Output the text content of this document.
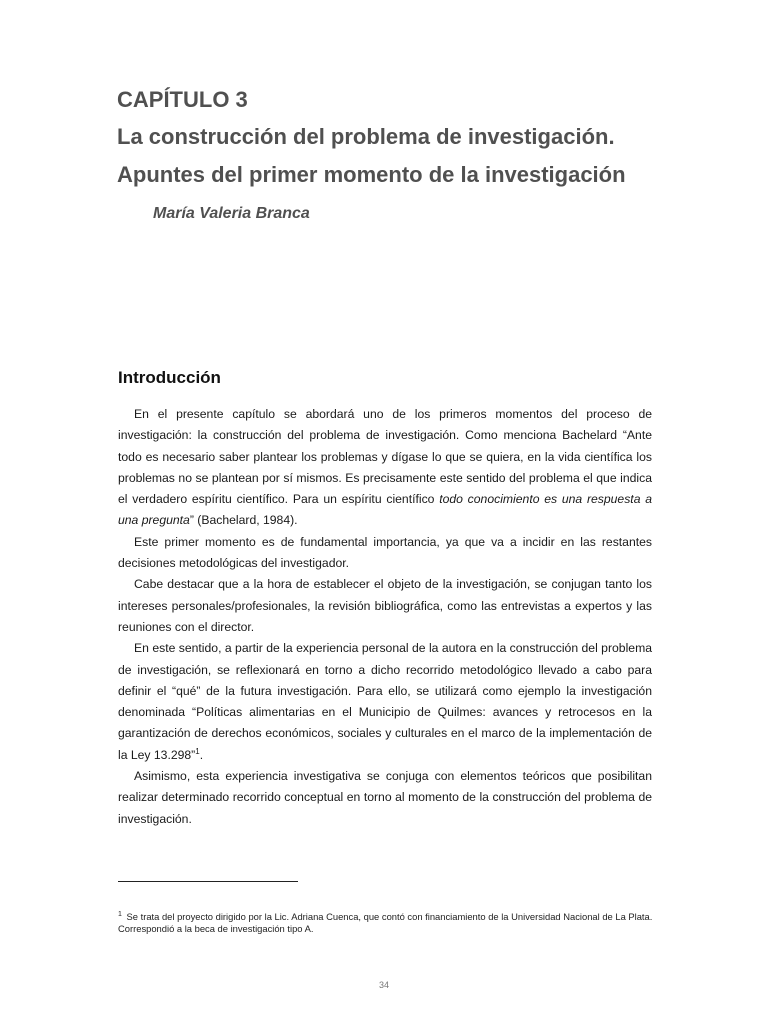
CAPÍTULO 3
La construcción del problema de investigación.
Apuntes del primer momento de la investigación
María Valeria Branca
Introducción

En el presente capítulo se abordará uno de los primeros momentos del proceso de investigación: la construcción del problema de investigación. Como menciona Bachelard “Ante todo es necesario saber plantear los problemas y dígase lo que se quiera, en la vida científica los problemas no se plantean por sí mismos. Es precisamente este sentido del problema el que indica el verdadero espíritu científico. Para un espíritu científico todo conocimiento es una respuesta a una pregunta” (Bachelard, 1984).

Este primer momento es de fundamental importancia, ya que va a incidir en las restantes decisiones metodológicas del investigador.

Cabe destacar que a la hora de establecer el objeto de la investigación, se conjugan tanto los intereses personales/profesionales, la revisión bibliográfica, como las entrevistas a expertos y las reuniones con el director.

En este sentido, a partir de la experiencia personal de la autora en la construcción del problema de investigación, se reflexionará en torno a dicho recorrido metodológico llevado a cabo para definir el “qué” de la futura investigación. Para ello, se utilizará como ejemplo la investigación denominada “Políticas alimentarias en el Municipio de Quilmes: avances y retrocesos en la garantización de derechos económicos, sociales y culturales en el marco de la implementación de la Ley 13.298”$^1$.

Asimismo, esta experiencia investigativa se conjuga con elementos teóricos que posibilitan realizar determinado recorrido conceptual en torno al momento de la construcción del problema de investigación.

$^1$ Se trata del proyecto dirigido por la Lic. Adriana Cuenca, que contó con financiamiento de la Universidad Nacional de La Plata. Correspondió a la beca de investigación tipo A.
34
